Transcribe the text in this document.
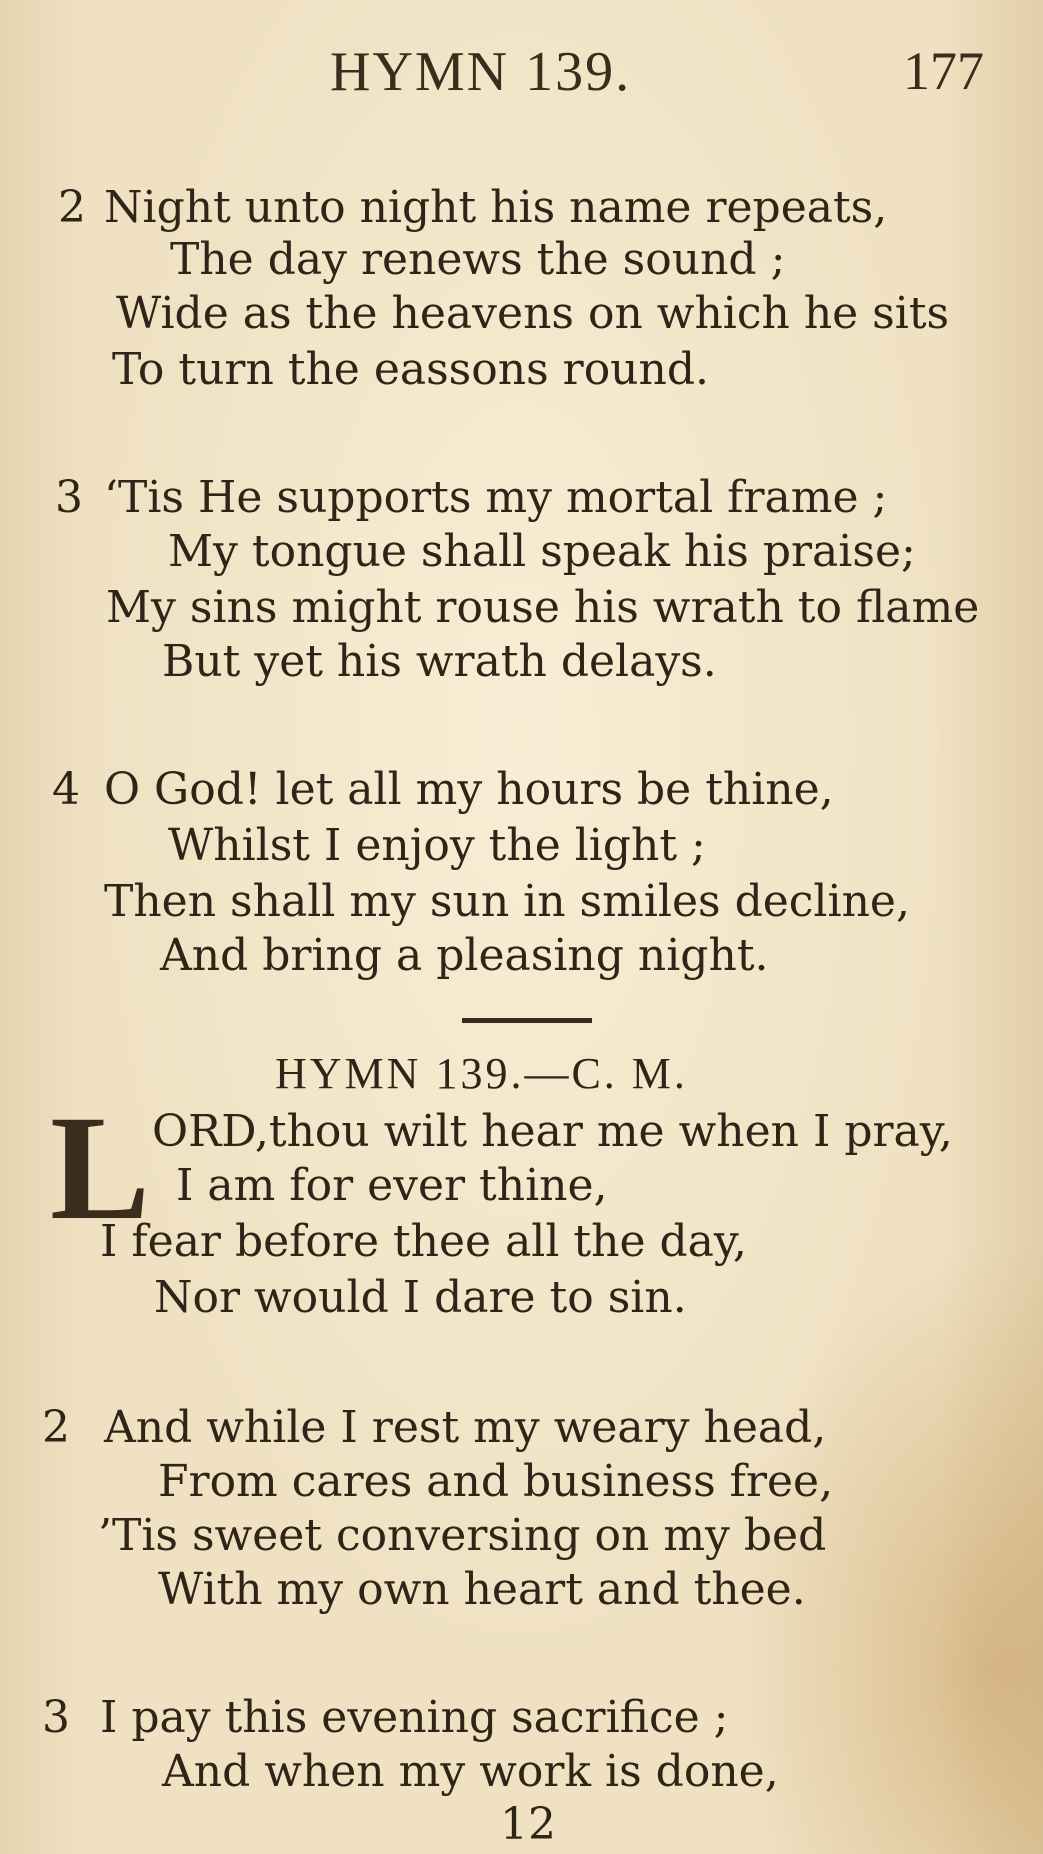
HYMN 139.	177
2 Night unto night his name repeats,
The day renews the sound ;
Wide as the heavens on which he sits
To turn the eassons round.
3 ‘Tis He supports my mortal frame ;
My tongue shall speak his praise;
My sins might rouse his wrath to flame
But yet his wrath delays.
4 O God! let all my hours be thine,
Whilst I enjoy the light ;
Then shall my sun in smiles decline,
And bring a pleasing night.
HYMN 139.—C. M.
L ORD,thou wilt hear me when I pray,
I am for ever thine,
I fear before thee all the day,
Nor would I dare to sin.
2 And while I rest my weary head,
From cares and business free,
’Tis sweet conversing on my bed
With my own heart and thee.
3 I pay this evening sacrifice ;
And when my work is done,
12
